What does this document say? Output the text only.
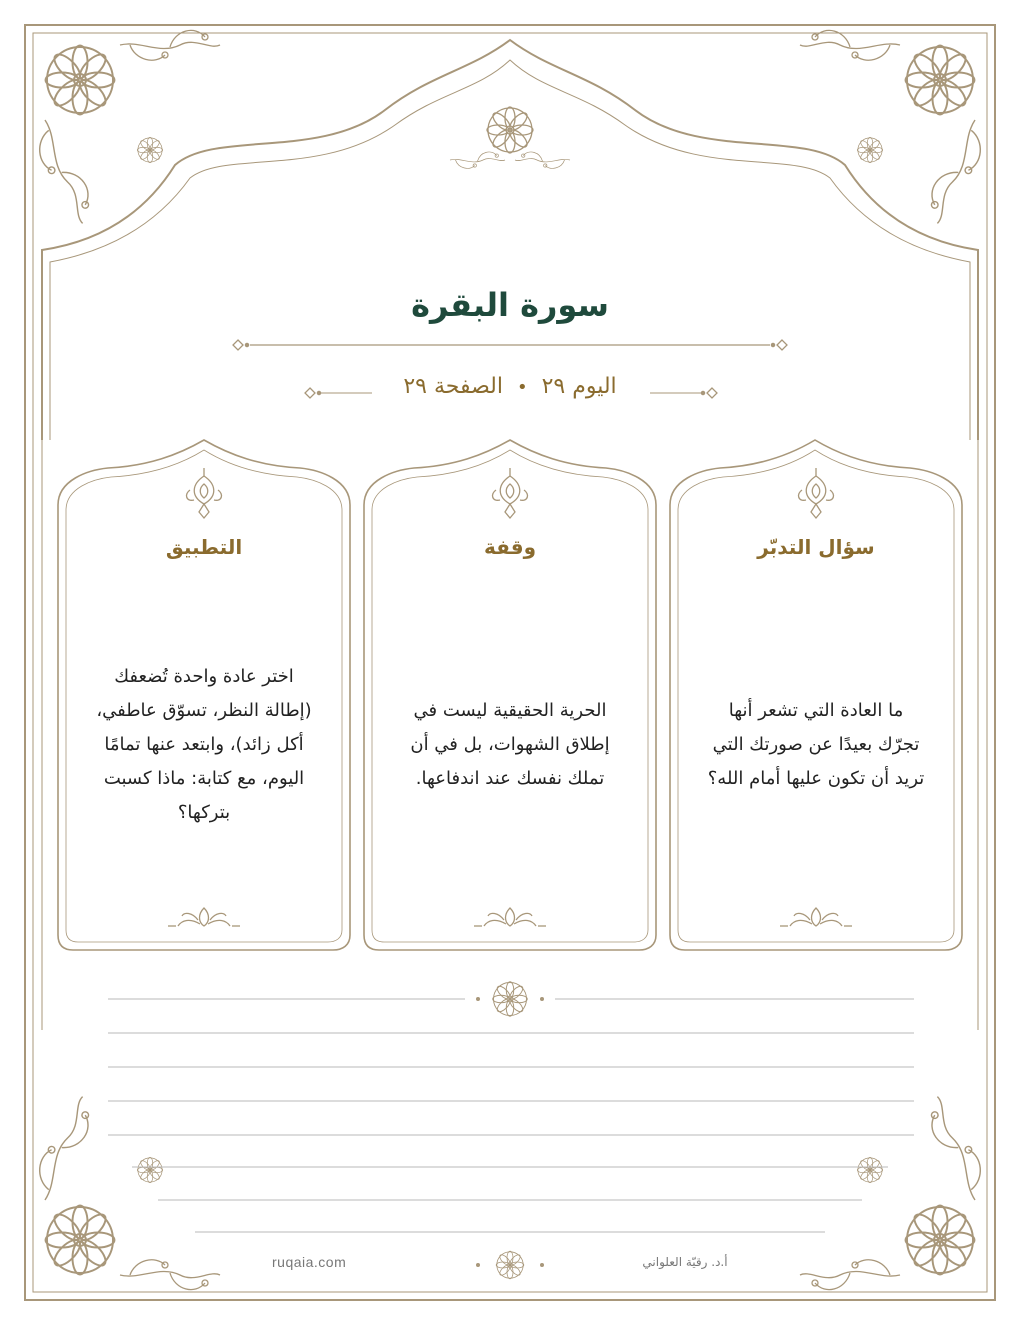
سورة البقرة
اليوم ٢٩•الصفحة ٢٩
سؤال التدبّر
ما العادة التي تشعر أنها
تجرّك بعيدًا عن صورتك التي
تريد أن تكون عليها أمام الله؟
وقفة
الحرية الحقيقية ليست في
إطلاق الشهوات، بل في أن
تملك نفسك عند اندفاعها.
التطبيق
اختر عادة واحدة تُضعفك
(إطالة النظر، تسوّق عاطفي،
أكل زائد)، وابتعد عنها تمامًا
اليوم، مع كتابة: ماذا كسبت
بتركها؟
ruqaia.com	أ.د. رقيّة العلواني
